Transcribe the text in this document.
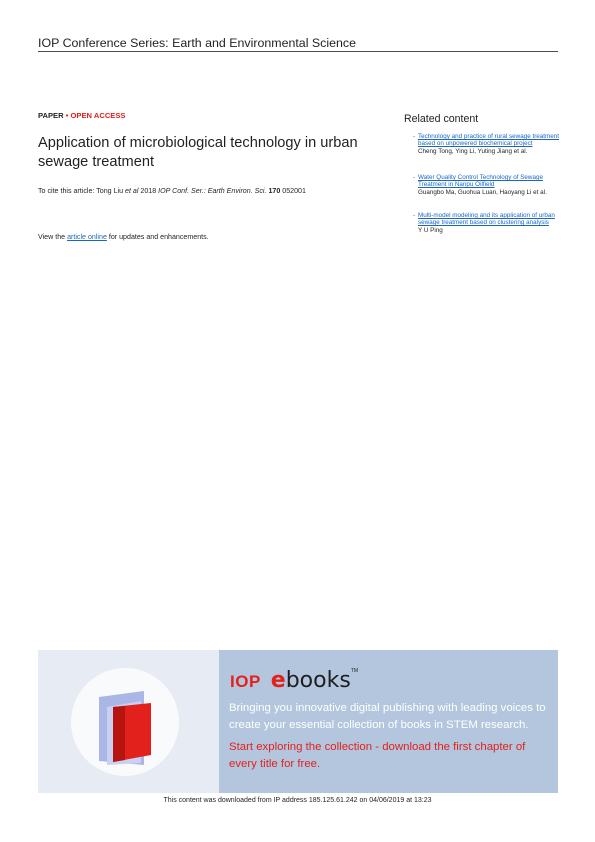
IOP Conference Series: Earth and Environmental Science
PAPER • OPEN ACCESS
Application of microbiological technology in urban sewage treatment
To cite this article: Tong Liu et al 2018 IOP Conf. Ser.: Earth Environ. Sci. 170 052001
View the article online for updates and enhancements.
Related content
- Technology and practice of rural sewage treatment based on unpowered biochemical project
Cheng Tong, Ying Li, Yuting Jiang et al.
- Water Quality Control Technology of Sewage Treatment in Nanpu Oilfield
Guangbo Ma, Guohua Luan, Haoyang Li et al.
- Multi-model modeling and its application of urban sewage treatment based on clustering analysis
Y U Ping
IOP ebooks™
Bringing you innovative digital publishing with leading voices to create your essential collection of books in STEM research.
Start exploring the collection - download the first chapter of every title for free.
This content was downloaded from IP address 185.125.61.242 on 04/06/2019 at 13:23
